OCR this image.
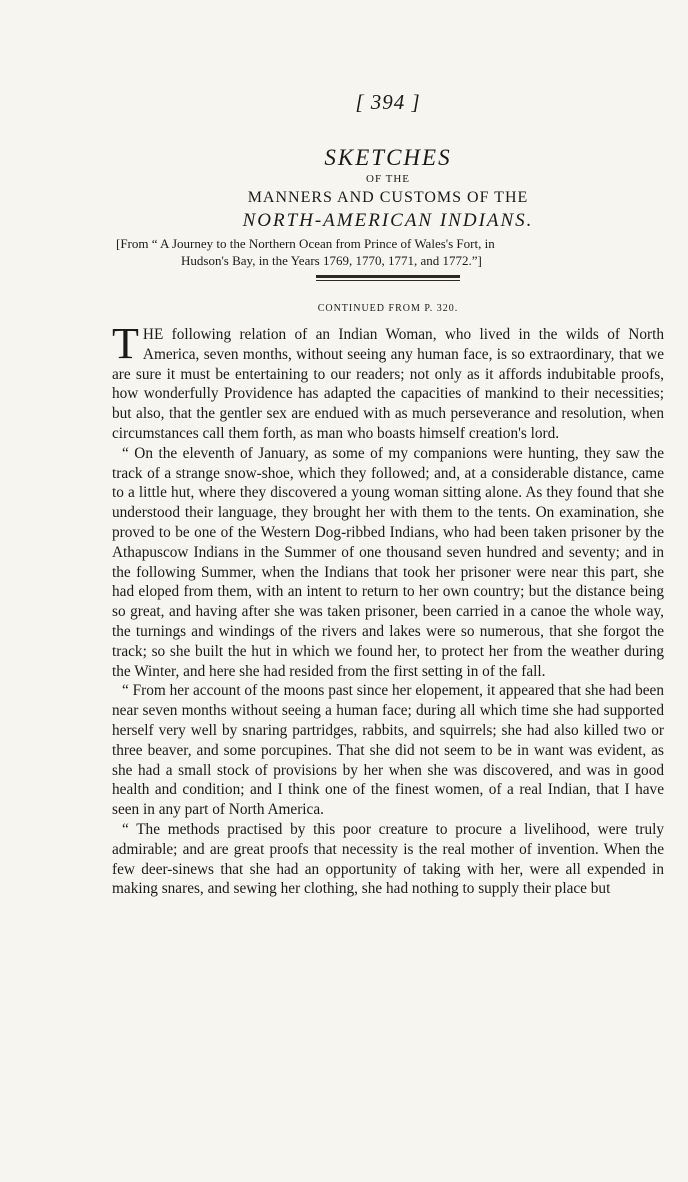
[ 394 ]
SKETCHES
OF THE
MANNERS AND CUSTOMS OF THE
NORTH-AMERICAN INDIANS.
[From “ A Journey to the Northern Ocean from Prince of Wales's Fort, in
Hudson's Bay, in the Years 1769, 1770, 1771, and 1772.”]
CONTINUED FROM P. 320.

THE following relation of an Indian Woman, who lived in the wilds of North America, seven months, without seeing any human face, is so extraordinary, that we are sure it must be entertaining to our readers; not only as it affords indubitable proofs, how wonderfully Providence has adapted the capacities of mankind to their necessities; but also, that the gentler sex are endued with as much perseverance and resolution, when circumstances call them forth, as man who boasts himself creation's lord.

“ On the eleventh of January, as some of my companions were hunting, they saw the track of a strange snow-shoe, which they followed; and, at a considerable distance, came to a little hut, where they discovered a young woman sitting alone. As they found that she understood their language, they brought her with them to the tents. On examination, she proved to be one of the Western Dog-ribbed Indians, who had been taken prisoner by the Athapuscow Indians in the Summer of one thousand seven hundred and seventy; and in the following Summer, when the Indians that took her prisoner were near this part, she had eloped from them, with an intent to return to her own country; but the distance being so great, and having after she was taken prisoner, been carried in a canoe the whole way, the turnings and windings of the rivers and lakes were so numerous, that she forgot the track; so she built the hut in which we found her, to protect her from the weather during the Winter, and here she had resided from the first setting in of the fall.

“ From her account of the moons past since her elopement, it appeared that she had been near seven months without seeing a human face; during all which time she had supported herself very well by snaring partridges, rabbits, and squirrels; she had also killed two or three beaver, and some porcupines. That she did not seem to be in want was evident, as she had a small stock of provisions by her when she was discovered, and was in good health and condition; and I think one of the finest women, of a real Indian, that I have seen in any part of North America.

“ The methods practised by this poor creature to procure a livelihood, were truly admirable; and are great proofs that necessity is the real mother of invention. When the few deer-sinews that she had an opportunity of taking with her, were all expended in making snares, and sewing her clothing, she had nothing to supply their place but
